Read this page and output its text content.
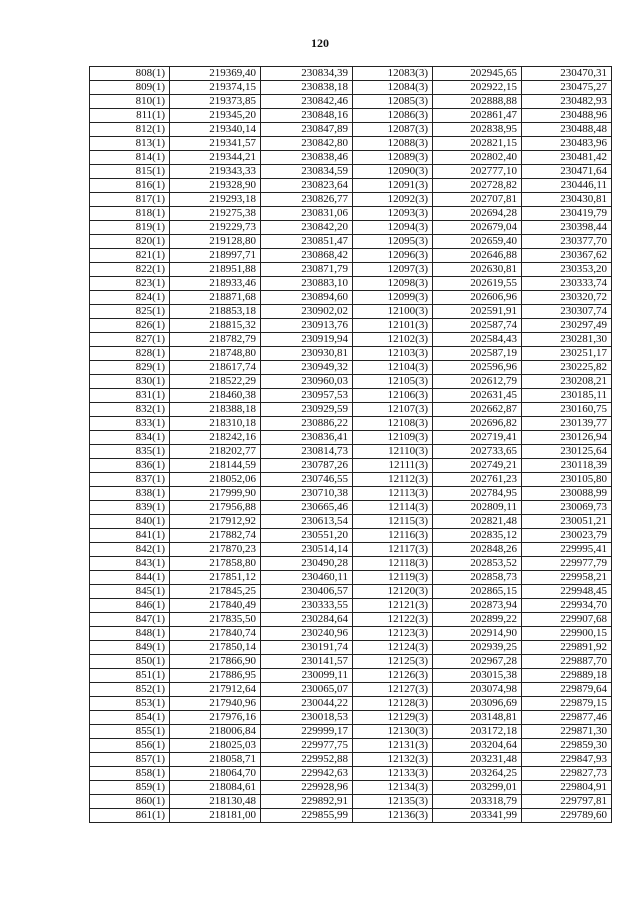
120
808(1)	219369,40	230834,39	12083(3)	202945,65	230470,31
809(1)	219374,15	230838,18	12084(3)	202922,15	230475,27
810(1)	219373,85	230842,46	12085(3)	202888,88	230482,93
811(1)	219345,20	230848,16	12086(3)	202861,47	230488,96
812(1)	219340,14	230847,89	12087(3)	202838,95	230488,48
813(1)	219341,57	230842,80	12088(3)	202821,15	230483,96
814(1)	219344,21	230838,46	12089(3)	202802,40	230481,42
815(1)	219343,33	230834,59	12090(3)	202777,10	230471,64
816(1)	219328,90	230823,64	12091(3)	202728,82	230446,11
817(1)	219293,18	230826,77	12092(3)	202707,81	230430,81
818(1)	219275,38	230831,06	12093(3)	202694,28	230419,79
819(1)	219229,73	230842,20	12094(3)	202679,04	230398,44
820(1)	219128,80	230851,47	12095(3)	202659,40	230377,70
821(1)	218997,71	230868,42	12096(3)	202646,88	230367,62
822(1)	218951,88	230871,79	12097(3)	202630,81	230353,20
823(1)	218933,46	230883,10	12098(3)	202619,55	230333,74
824(1)	218871,68	230894,60	12099(3)	202606,96	230320,72
825(1)	218853,18	230902,02	12100(3)	202591,91	230307,74
826(1)	218815,32	230913,76	12101(3)	202587,74	230297,49
827(1)	218782,79	230919,94	12102(3)	202584,43	230281,30
828(1)	218748,80	230930,81	12103(3)	202587,19	230251,17
829(1)	218617,74	230949,32	12104(3)	202596,96	230225,82
830(1)	218522,29	230960,03	12105(3)	202612,79	230208,21
831(1)	218460,38	230957,53	12106(3)	202631,45	230185,11
832(1)	218388,18	230929,59	12107(3)	202662,87	230160,75
833(1)	218310,18	230886,22	12108(3)	202696,82	230139,77
834(1)	218242,16	230836,41	12109(3)	202719,41	230126,94
835(1)	218202,77	230814,73	12110(3)	202733,65	230125,64
836(1)	218144,59	230787,26	12111(3)	202749,21	230118,39
837(1)	218052,06	230746,55	12112(3)	202761,23	230105,80
838(1)	217999,90	230710,38	12113(3)	202784,95	230088,99
839(1)	217956,88	230665,46	12114(3)	202809,11	230069,73
840(1)	217912,92	230613,54	12115(3)	202821,48	230051,21
841(1)	217882,74	230551,20	12116(3)	202835,12	230023,79
842(1)	217870,23	230514,14	12117(3)	202848,26	229995,41
843(1)	217858,80	230490,28	12118(3)	202853,52	229977,79
844(1)	217851,12	230460,11	12119(3)	202858,73	229958,21
845(1)	217845,25	230406,57	12120(3)	202865,15	229948,45
846(1)	217840,49	230333,55	12121(3)	202873,94	229934,70
847(1)	217835,50	230284,64	12122(3)	202899,22	229907,68
848(1)	217840,74	230240,96	12123(3)	202914,90	229900,15
849(1)	217850,14	230191,74	12124(3)	202939,25	229891,92
850(1)	217866,90	230141,57	12125(3)	202967,28	229887,70
851(1)	217886,95	230099,11	12126(3)	203015,38	229889,18
852(1)	217912,64	230065,07	12127(3)	203074,98	229879,64
853(1)	217940,96	230044,22	12128(3)	203096,69	229879,15
854(1)	217976,16	230018,53	12129(3)	203148,81	229877,46
855(1)	218006,84	229999,17	12130(3)	203172,18	229871,30
856(1)	218025,03	229977,75	12131(3)	203204,64	229859,30
857(1)	218058,71	229952,88	12132(3)	203231,48	229847,93
858(1)	218064,70	229942,63	12133(3)	203264,25	229827,73
859(1)	218084,61	229928,96	12134(3)	203299,01	229804,91
860(1)	218130,48	229892,91	12135(3)	203318,79	229797,81
861(1)	218181,00	229855,99	12136(3)	203341,99	229789,60
